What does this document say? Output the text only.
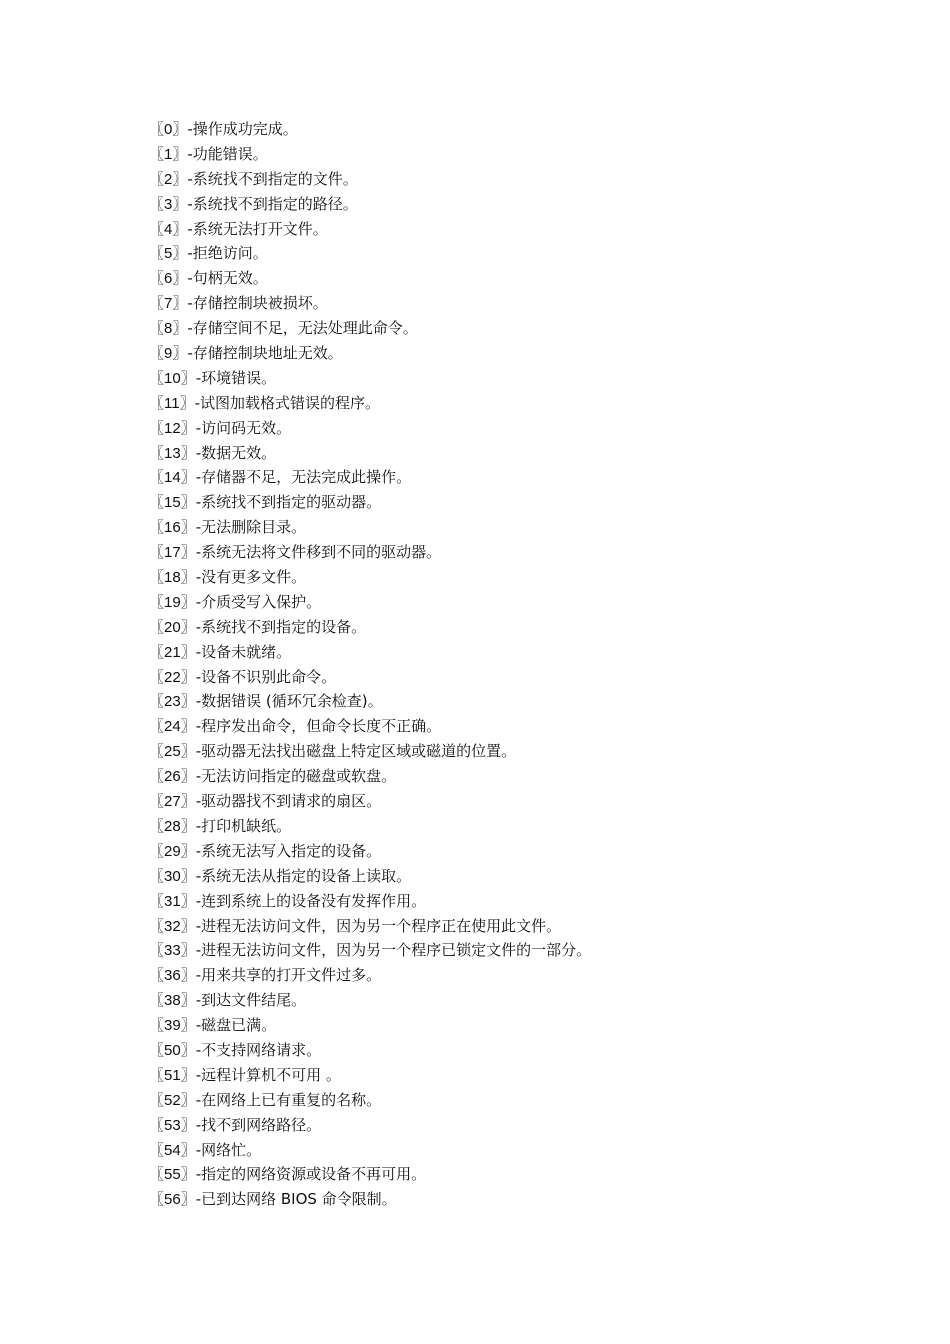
〖0〗-操作成功完成。
〖1〗-功能错误。
〖2〗-系统找不到指定的文件。
〖3〗-系统找不到指定的路径。
〖4〗-系统无法打开文件。
〖5〗-拒绝访问。
〖6〗-句柄无效。
〖7〗-存储控制块被损坏。
〖8〗-存储空间不足，无法处理此命令。
〖9〗-存储控制块地址无效。
〖10〗-环境错误。
〖11〗-试图加载格式错误的程序。
〖12〗-访问码无效。
〖13〗-数据无效。
〖14〗-存储器不足，无法完成此操作。
〖15〗-系统找不到指定的驱动器。
〖16〗-无法删除目录。
〖17〗-系统无法将文件移到不同的驱动器。
〖18〗-没有更多文件。
〖19〗-介质受写入保护。
〖20〗-系统找不到指定的设备。
〖21〗-设备未就绪。
〖22〗-设备不识别此命令。
〖23〗-数据错误 (循环冗余检查)。
〖24〗-程序发出命令，但命令长度不正确。
〖25〗-驱动器无法找出磁盘上特定区域或磁道的位置。
〖26〗-无法访问指定的磁盘或软盘。
〖27〗-驱动器找不到请求的扇区。
〖28〗-打印机缺纸。
〖29〗-系统无法写入指定的设备。
〖30〗-系统无法从指定的设备上读取。
〖31〗-连到系统上的设备没有发挥作用。
〖32〗-进程无法访问文件，因为另一个程序正在使用此文件。
〖33〗-进程无法访问文件，因为另一个程序已锁定文件的一部分。
〖36〗-用来共享的打开文件过多。
〖38〗-到达文件结尾。
〖39〗-磁盘已满。
〖50〗-不支持网络请求。
〖51〗-远程计算机不可用 。
〖52〗-在网络上已有重复的名称。
〖53〗-找不到网络路径。
〖54〗-网络忙。
〖55〗-指定的网络资源或设备不再可用。
〖56〗-已到达网络 BIOS 命令限制。
